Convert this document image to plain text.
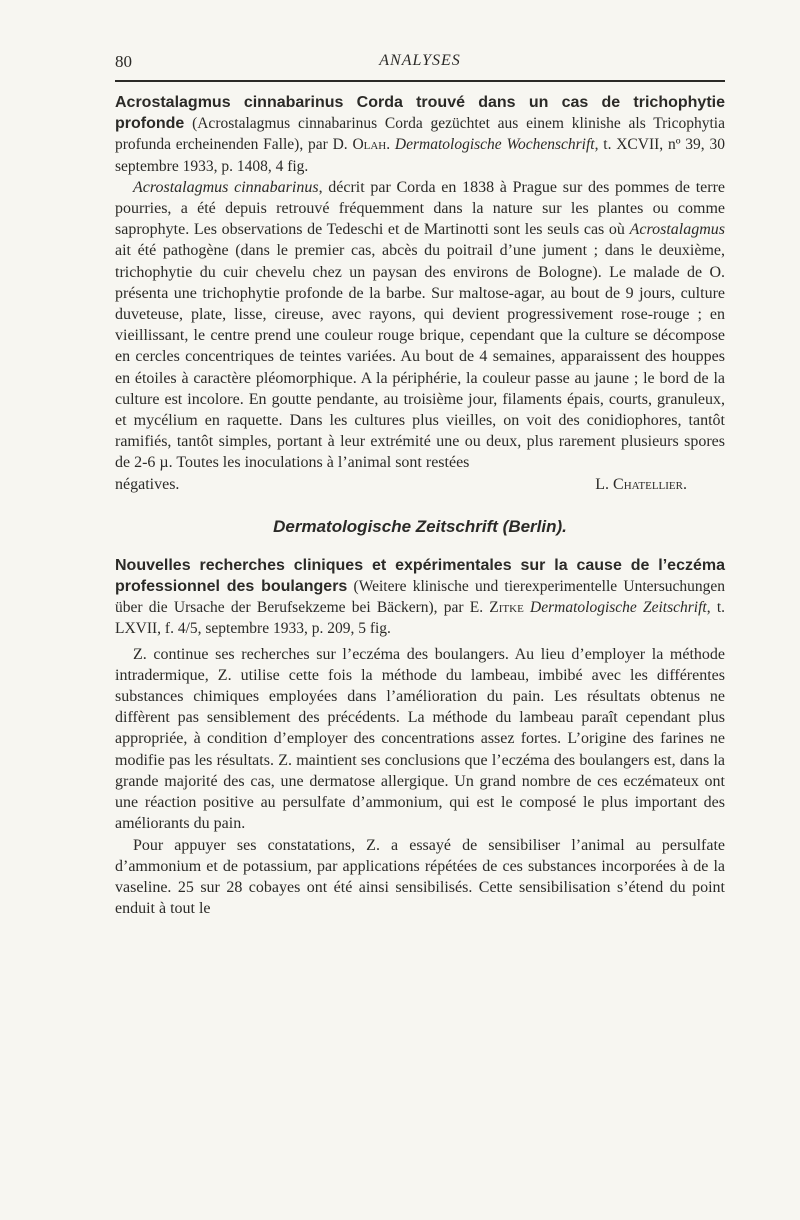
80	ANALYSES

Acrostalagmus cinnabarinus Corda trouvé dans un cas de trichophytie profonde (Acrostalagmus cinnabarinus Corda gezüchtet aus einem klinishe als Tricophytia profunda ercheinenden Falle), par D. Olah. Dermatologische Wochenschrift, t. XCVII, nº 39, 30 septembre 1933, p. 1408, 4 fig.

Acrostalagmus cinnabarinus, décrit par Corda en 1838 à Prague sur des pommes de terre pourries, a été depuis retrouvé fréquemment dans la nature sur les plantes ou comme saprophyte. Les observations de Tedeschi et de Martinotti sont les seuls cas où Acrostalagmus ait été pathogène (dans le premier cas, abcès du poitrail d’une jument ; dans le deuxième, trichophytie du cuir chevelu chez un paysan des environs de Bologne). Le malade de O. présenta une trichophytie profonde de la barbe. Sur maltose-agar, au bout de 9 jours, culture duveteuse, plate, lisse, cireuse, avec rayons, qui devient progressivement rose-rouge ; en vieillissant, le centre prend une couleur rouge brique, cependant que la culture se décompose en cercles concentriques de teintes variées. Au bout de 4 semaines, apparaissent des houppes en étoiles à caractère pléomorphique. A la périphérie, la couleur passe au jaune ; le bord de la culture est incolore. En goutte pendante, au troisième jour, filaments épais, courts, granuleux, et mycélium en raquette. Dans les cultures plus vieilles, on voit des conidiophores, tantôt ramifiés, tantôt simples, portant à leur extrémité une ou deux, plus rarement plusieurs spores de 2-6 µ. Toutes les inoculations à l’animal sont restées

négatives.	L. Chatellier.
Dermatologische Zeitschrift (Berlin).

Nouvelles recherches cliniques et expérimentales sur la cause de l’eczéma professionnel des boulangers (Weitere klinische und tierexperimentelle Untersuchungen über die Ursache der Berufsekzeme bei Bäckern), par E. Zitke Dermatologische Zeitschrift, t. LXVII, f. 4/5, septembre 1933, p. 209, 5 fig.

Z. continue ses recherches sur l’eczéma des boulangers. Au lieu d’employer la méthode intradermique, Z. utilise cette fois la méthode du lambeau, imbibé avec les différentes substances chimiques employées dans l’amélioration du pain. Les résultats obtenus ne diffèrent pas sensiblement des précédents. La méthode du lambeau paraît cependant plus appropriée, à condition d’employer des concentrations assez fortes. L’origine des farines ne modifie pas les résultats. Z. maintient ses conclusions que l’eczéma des boulangers est, dans la grande majorité des cas, une dermatose allergique. Un grand nombre de ces eczémateux ont une réaction positive au persulfate d’ammonium, qui est le composé le plus important des améliorants du pain.

Pour appuyer ses constatations, Z. a essayé de sensibiliser l’animal au persulfate d’ammonium et de potassium, par applications répétées de ces substances incorporées à de la vaseline. 25 sur 28 cobayes ont été ainsi sensibilisés. Cette sensibilisation s’étend du point enduit à tout le
